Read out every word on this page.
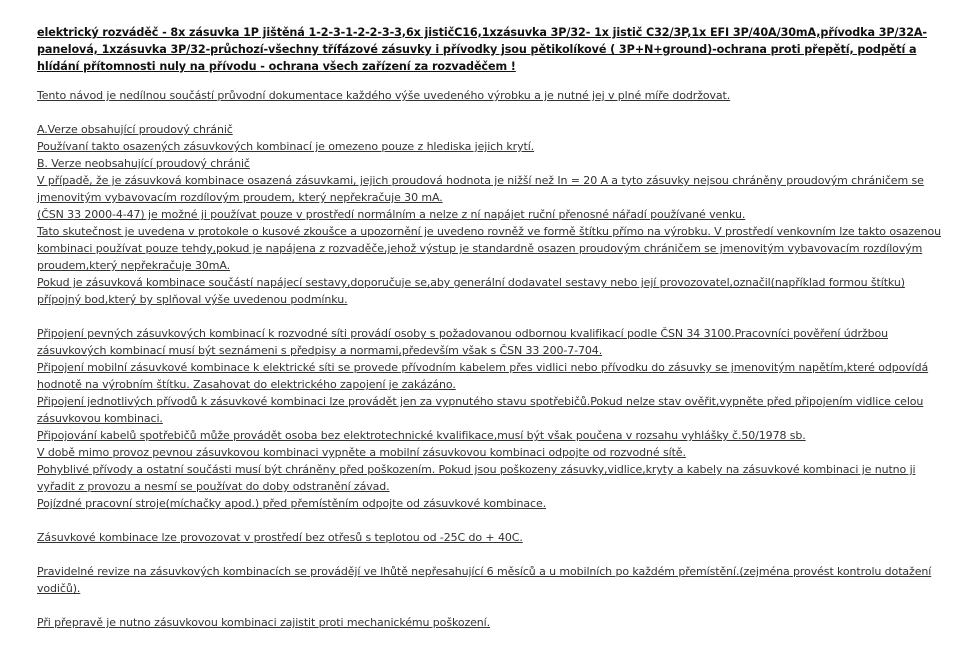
elektrický rozváděč - 8x zásuvka 1P jištěná 1-2-3-1-2-2-3-3,6x jističC16,1xzásuvka 3P/32- 1x jistič C32/3P,1x EFI 3P/40A/30mA,přívodka 3P/32A-panelová, 1xzásuvka 3P/32-průchozí-všechny třífázové zásuvky i přívodky jsou pětikolíkové ( 3P+N+ground)-ochrana proti přepětí, podpětí a hlídání přítomnosti nuly na přívodu - ochrana všech zařízení za rozvaděčem !

Tento návod je nedílnou součástí průvodní dokumentace každého výše uvedeného výrobku a je nutné jej v plné míře dodržovat.

A.Verze obsahující proudový chránič

Používaní takto osazených zásuvkových kombinací je omezeno pouze z hlediska jejich krytí.

B. Verze neobsahující proudový chránič

V případě, že je zásuvková kombinace osazená zásuvkami, jejich proudová hodnota je nižší než In = 20 A a tyto zásuvky nejsou chráněny proudovým chráničem se jmenovitým vybavovacím rozdílovým proudem, který nepřekračuje 30 mA.

(ČSN 33 2000-4-47) je možné ji používat pouze v prostředí normálním a nelze z ní napájet ruční přenosné nářadí používané venku.

Tato skutečnost je uvedena v protokole o kusové zkoušce a upozornění je uvedeno rovněž ve formě štítku přímo na výrobku. V prostředí venkovním lze takto osazenou kombinaci používat pouze tehdy,pokud je napájena z rozvaděče,jehož výstup je standardně osazen proudovým chráničem se jmenovitým vybavovacím rozdílovým proudem,který nepřekračuje 30mA.

Pokud je zásuvková kombinace součástí napájecí sestavy,doporučuje se,aby generální dodavatel sestavy nebo její provozovatel,označil(například formou štítku) přípojný bod,který by splňoval výše uvedenou podmínku.

Připojení pevných zásuvkových kombinací k rozvodné síti provádí osoby s požadovanou odbornou kvalifikací podle ČSN 34 3100.Pracovníci pověření údržbou zásuvkových kombinací musí být seznámeni s předpisy a normami,především však s ČSN 33 200-7-704.

Připojení mobilní zásuvkové kombinace k elektrické síti se provede přívodním kabelem přes vidlici nebo přívodku do zásuvky se jmenovitým napětím,které odpovídá hodnotě na výrobním štítku. Zasahovat do elektrického zapojení je zakázáno.

Připojení jednotlivých přívodů k zásuvkové kombinaci lze provádět jen za vypnutého stavu spotřebičů.Pokud nelze stav ověřit,vypněte před připojením vidlice celou zásuvkovou kombinaci.

Připojování kabelů spotřebičů může provádět osoba bez elektrotechnické kvalifikace,musí být však poučena v rozsahu vyhlášky č.50/1978 sb.

V době mimo provoz pevnou zásuvkovou kombinaci vypněte a mobilní zásuvkovou kombinaci odpojte od rozvodné sítě.

Pohyblivé přívody a ostatní součásti musí být chráněny před poškozením. Pokud jsou poškozeny zásuvky,vidlice,kryty a kabely na zásuvkové kombinaci je nutno ji vyřadit z provozu a nesmí se používat do doby odstranění závad.

Pojízdné pracovní stroje(míchačky apod.) před přemístěním odpojte od zásuvkové kombinace.

Zásuvkové kombinace lze provozovat v prostředí bez otřesů s teplotou od -25C do + 40C.

Pravidelné revize na zásuvkových kombinacích se provádějí ve lhůtě nepřesahující 6 měsíců a u mobilních po každém přemístění.(zejména provést kontrolu dotažení vodičů).

Při přepravě je nutno zásuvkovou kombinaci zajistit proti mechanickému poškození.
